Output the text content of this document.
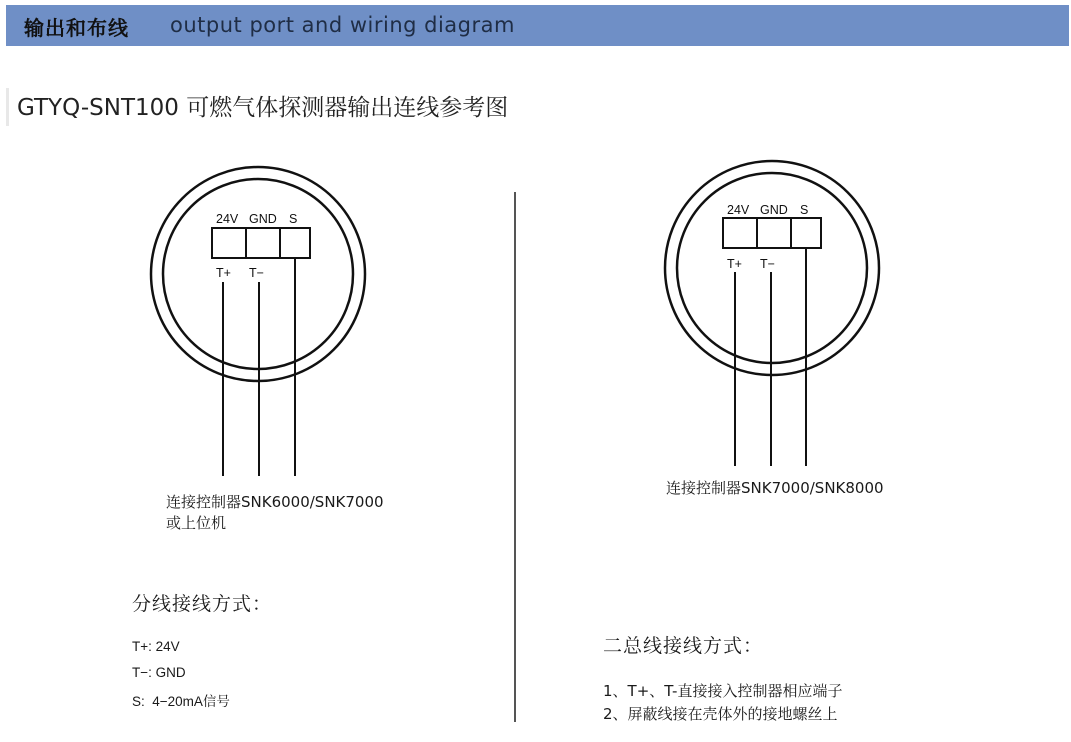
输出和布线 output port and wiring diagram
GTYQ-SNT100 可燃气体探测器输出连线参考图
24V GND S
T+ T−
连接控制器SNK6000/SNK7000
或上位机
24V GND S
T+ T−
连接控制器SNK7000/SNK8000
分线接线方式：
T+: 24V
T−: GND
S:  4−20mA信号
二总线接线方式：
1、T+、T-直接接入控制器相应端子
2、屏蔽线接在壳体外的接地螺丝上
